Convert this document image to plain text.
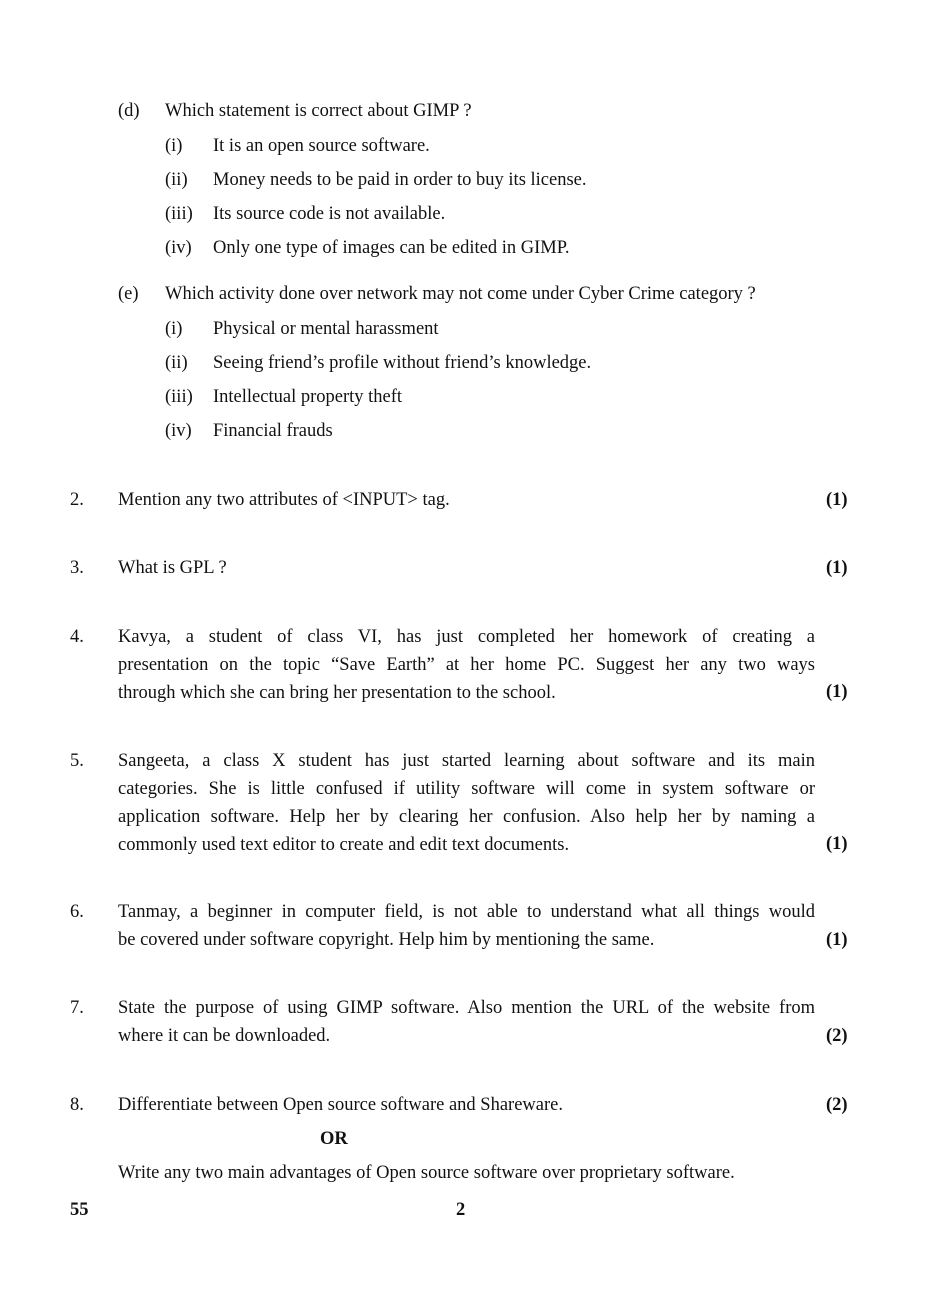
(d)	Which statement is correct about GIMP ?
(i) It is an open source software.
(ii) Money needs to be paid in order to buy its license.
(iii) Its source code is not available.
(iv) Only one type of images can be edited in GIMP.
(e)	Which activity done over network may not come under Cyber Crime category ?
(i) Physical or mental harassment
(ii) Seeing friend’s profile without friend’s knowledge.
(iii) Intellectual property theft
(iv) Financial frauds
2. Mention any two attributes of <INPUT> tag.	(1)
3. What is GPL ?	(1)
4. Kavya, a student of class VI, has just completed her homework of creating a
presentation on the topic “Save Earth” at her home PC. Suggest her any two ways
through which she can bring her presentation to the school.	(1)
5. Sangeeta, a class X student has just started learning about software and its main
categories. She is little confused if utility software will come in system software or
application software. Help her by clearing her confusion. Also help her by naming a
commonly used text editor to create and edit text documents.	(1)
6. Tanmay, a beginner in computer field, is not able to understand what all things would
be covered under software copyright. Help him by mentioning the same.	(1)
7. State the purpose of using GIMP software. Also mention the URL of the website from
where it can be downloaded.	(2)
8. Differentiate between Open source software and Shareware.	(2)
OR
Write any two main advantages of Open source software over proprietary software.
55	2
